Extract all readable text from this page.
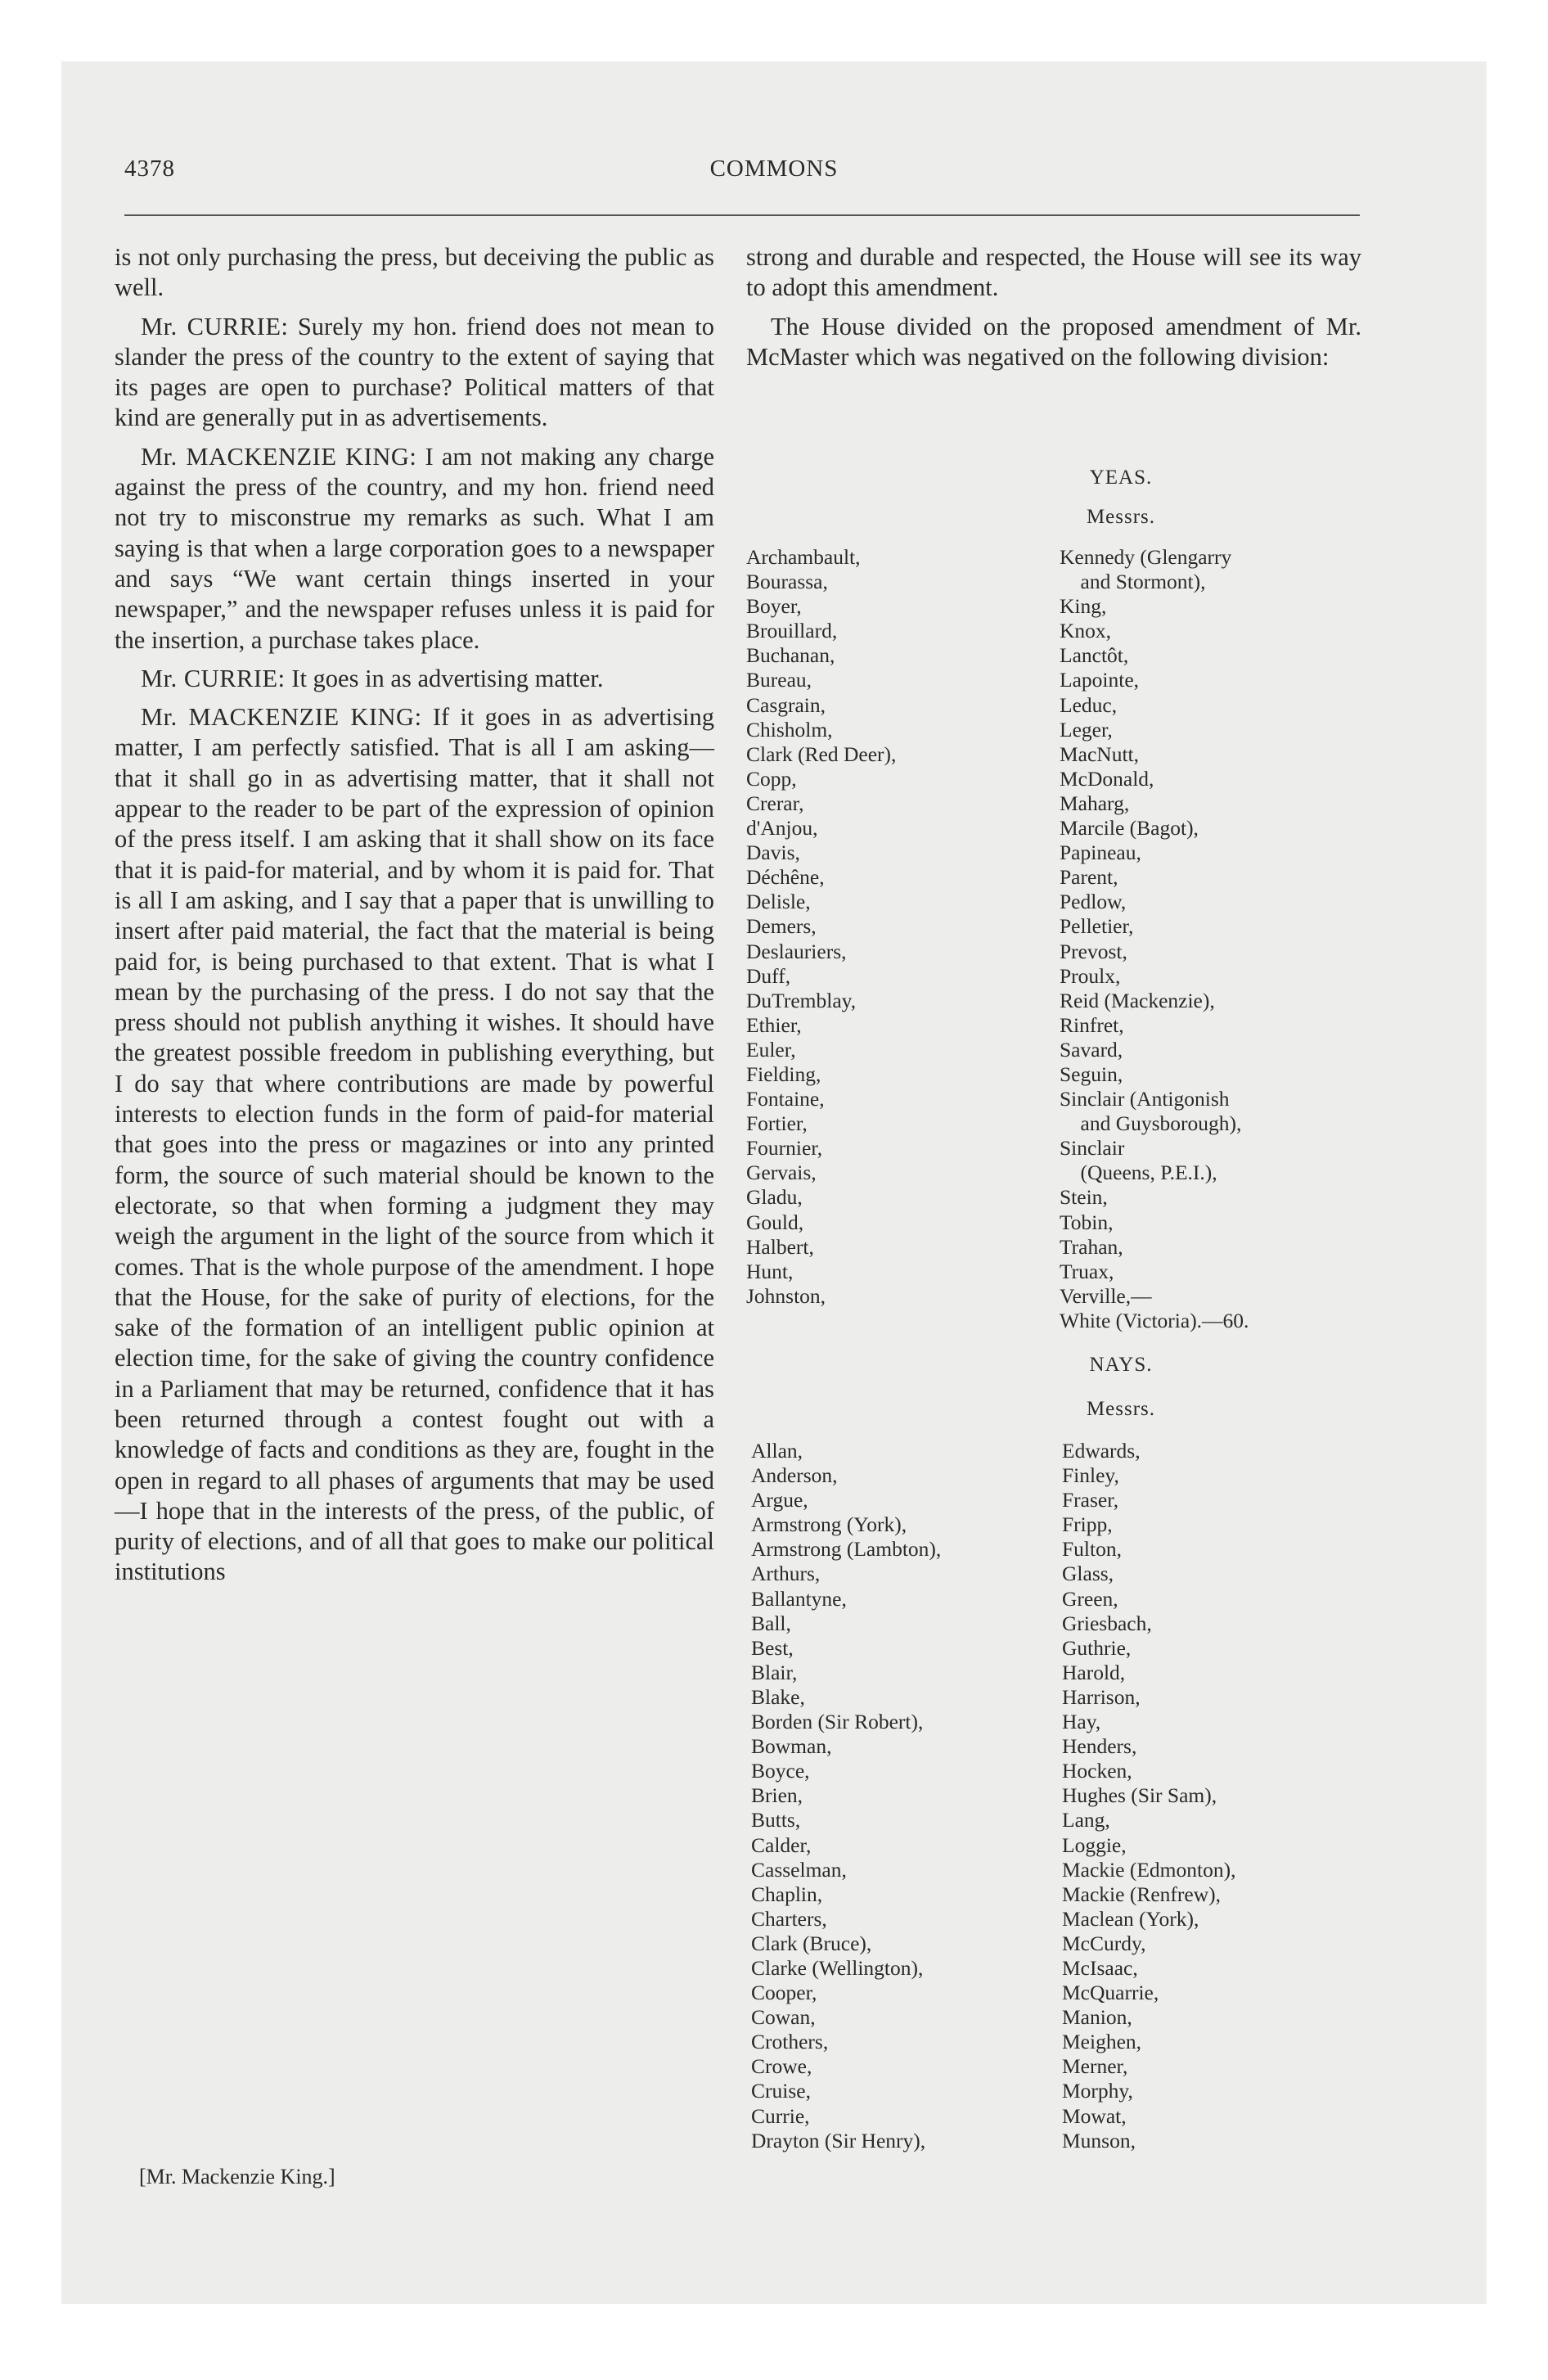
4378	COMMONS

is not only purchasing the press, but deceiving the public as well.

Mr. CURRIE: Surely my hon. friend does not mean to slander the press of the country to the extent of saying that its pages are open to purchase? Political matters of that kind are generally put in as advertisements.

Mr. MACKENZIE KING: I am not making any charge against the press of the country, and my hon. friend need not try to misconstrue my remarks as such. What I am saying is that when a large corporation goes to a newspaper and says “We want certain things inserted in your newspaper,” and the newspaper refuses unless it is paid for the insertion, a purchase takes place.

Mr. CURRIE: It goes in as advertising matter.

Mr. MACKENZIE KING: If it goes in as advertising matter, I am perfectly satisfied. That is all I am asking—that it shall go in as advertising matter, that it shall not appear to the reader to be part of the expression of opinion of the press itself. I am asking that it shall show on its face that it is paid-for material, and by whom it is paid for. That is all I am asking, and I say that a paper that is unwilling to insert after paid material, the fact that the material is being paid for, is being purchased to that extent. That is what I mean by the purchasing of the press. I do not say that the press should not publish anything it wishes. It should have the greatest possible freedom in publishing everything, but I do say that where contributions are made by powerful interests to election funds in the form of paid-for material that goes into the press or magazines or into any printed form, the source of such material should be known to the electorate, so that when forming a judgment they may weigh the argument in the light of the source from which it comes. That is the whole purpose of the amendment. I hope that the House, for the sake of purity of elections, for the sake of the formation of an intelligent public opinion at election time, for the sake of giving the country confidence in a Parliament that may be returned, confidence that it has been returned through a contest fought out with a knowledge of facts and conditions as they are, fought in the open in regard to all phases of arguments that may be used—I hope that in the interests of the press, of the public, of purity of elections, and of all that goes to make our political institutions

[Mr. Mackenzie King.]

strong and durable and respected, the House will see its way to adopt this amendment.

The House divided on the proposed amendment of Mr. McMaster which was negatived on the following division:

YEAS.
Messrs.
Archambault,
Bourassa,
Boyer,
Brouillard,
Buchanan,
Bureau,
Casgrain,
Chisholm,
Clark (Red Deer),
Copp,
Crerar,
d'Anjou,
Davis,
Déchêne,
Delisle,
Demers,
Deslauriers,
Duff,
DuTremblay,
Ethier,
Euler,
Fielding,
Fontaine,
Fortier,
Fournier,
Gervais,
Gladu,
Gould,
Halbert,
Hunt,
Johnston,
Kennedy (Glengarry
and Stormont),
King,
Knox,
Lanctôt,
Lapointe,
Leduc,
Leger,
MacNutt,
McDonald,
Maharg,
Marcile (Bagot),
Papineau,
Parent,
Pedlow,
Pelletier,
Prevost,
Proulx,
Reid (Mackenzie),
Rinfret,
Savard,
Seguin,
Sinclair (Antigonish
and Guysborough),
Sinclair
(Queens, P.E.I.),
Stein,
Tobin,
Trahan,
Truax,
Verville,—
White (Victoria).—60.
NAYS.
Messrs.
Allan,
Anderson,
Argue,
Armstrong (York),
Armstrong (Lambton),
Arthurs,
Ballantyne,
Ball,
Best,
Blair,
Blake,
Borden (Sir Robert),
Bowman,
Boyce,
Brien,
Butts,
Calder,
Casselman,
Chaplin,
Charters,
Clark (Bruce),
Clarke (Wellington),
Cooper,
Cowan,
Crothers,
Crowe,
Cruise,
Currie,
Drayton (Sir Henry),
Edwards,
Finley,
Fraser,
Fripp,
Fulton,
Glass,
Green,
Griesbach,
Guthrie,
Harold,
Harrison,
Hay,
Henders,
Hocken,
Hughes (Sir Sam),
Lang,
Loggie,
Mackie (Edmonton),
Mackie (Renfrew),
Maclean (York),
McCurdy,
McIsaac,
McQuarrie,
Manion,
Meighen,
Merner,
Morphy,
Mowat,
Munson,
